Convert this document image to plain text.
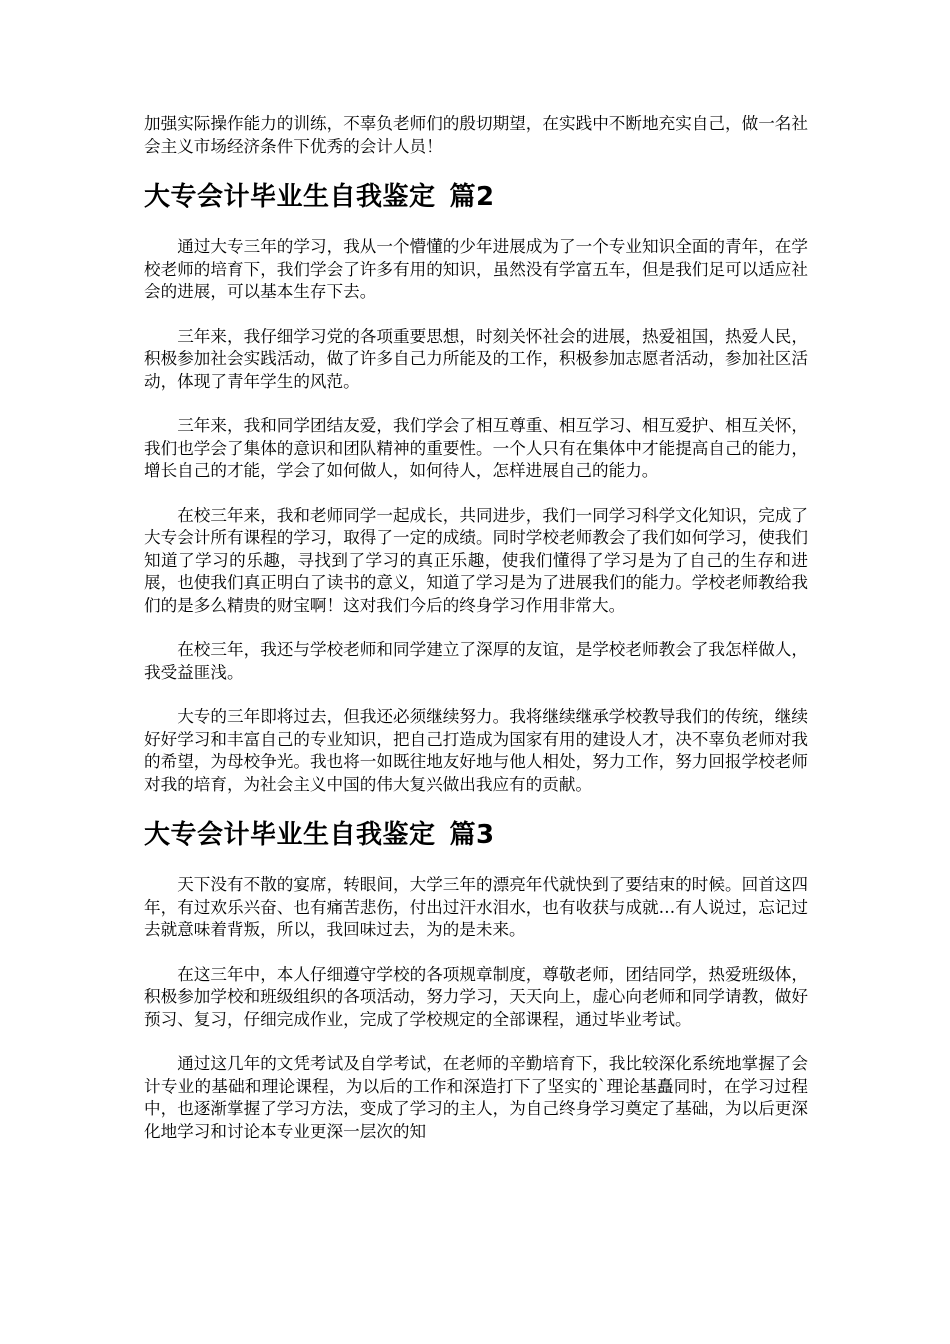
加强实际操作能力的训练，不辜负老师们的殷切期望，在实践中不断地充实自己，做一名社会主义市场经济条件下优秀的会计人员！

大专会计毕业生自我鉴定 篇2

通过大专三年的学习，我从一个懵懂的少年进展成为了一个专业知识全面的青年，在学校老师的培育下，我们学会了许多有用的知识，虽然没有学富五车，但是我们足可以适应社会的进展，可以基本生存下去。

三年来，我仔细学习党的各项重要思想，时刻关怀社会的进展，热爱祖国，热爱人民，积极参加社会实践活动，做了许多自己力所能及的工作，积极参加志愿者活动，参加社区活动，体现了青年学生的风范。

三年来，我和同学团结友爱，我们学会了相互尊重、相互学习、相互爱护、相互关怀，我们也学会了集体的意识和团队精神的重要性。一个人只有在集体中才能提高自己的能力，增长自己的才能，学会了如何做人，如何待人，怎样进展自己的能力。

在校三年来，我和老师同学一起成长，共同进步，我们一同学习科学文化知识，完成了大专会计所有课程的学习，取得了一定的成绩。同时学校老师教会了我们如何学习，使我们知道了学习的乐趣，寻找到了学习的真正乐趣，使我们懂得了学习是为了自己的生存和进展，也使我们真正明白了读书的意义，知道了学习是为了进展我们的能力。学校老师教给我们的是多么精贵的财宝啊！这对我们今后的终身学习作用非常大。

在校三年，我还与学校老师和同学建立了深厚的友谊，是学校老师教会了我怎样做人，我受益匪浅。

大专的三年即将过去，但我还必须继续努力。我将继续继承学校教导我们的传统，继续好好学习和丰富自己的专业知识，把自己打造成为国家有用的建设人才，决不辜负老师对我的希望，为母校争光。我也将一如既往地友好地与他人相处，努力工作，努力回报学校老师对我的培育，为社会主义中国的伟大复兴做出我应有的贡献。

大专会计毕业生自我鉴定 篇3

天下没有不散的宴席，转眼间，大学三年的漂亮年代就快到了要结束的时候。回首这四年，有过欢乐兴奋、也有痛苦悲伤，付出过汗水泪水，也有收获与成就…有人说过，忘记过去就意味着背叛，所以，我回味过去，为的是未来。

在这三年中，本人仔细遵守学校的各项规章制度，尊敬老师，团结同学，热爱班级体，积极参加学校和班级组织的各项活动，努力学习，天天向上，虚心向老师和同学请教，做好预习、复习，仔细完成作业，完成了学校规定的全部课程，通过毕业考试。

通过这几年的文凭考试及自学考试，在老师的辛勤培育下，我比较深化系统地掌握了会计专业的基础和理论课程，为以后的工作和深造打下了坚实的`理论基矗同时，在学习过程中，也逐渐掌握了学习方法，变成了学习的主人，为自己终身学习奠定了基础，为以后更深化地学习和讨论本专业更深一层次的知
